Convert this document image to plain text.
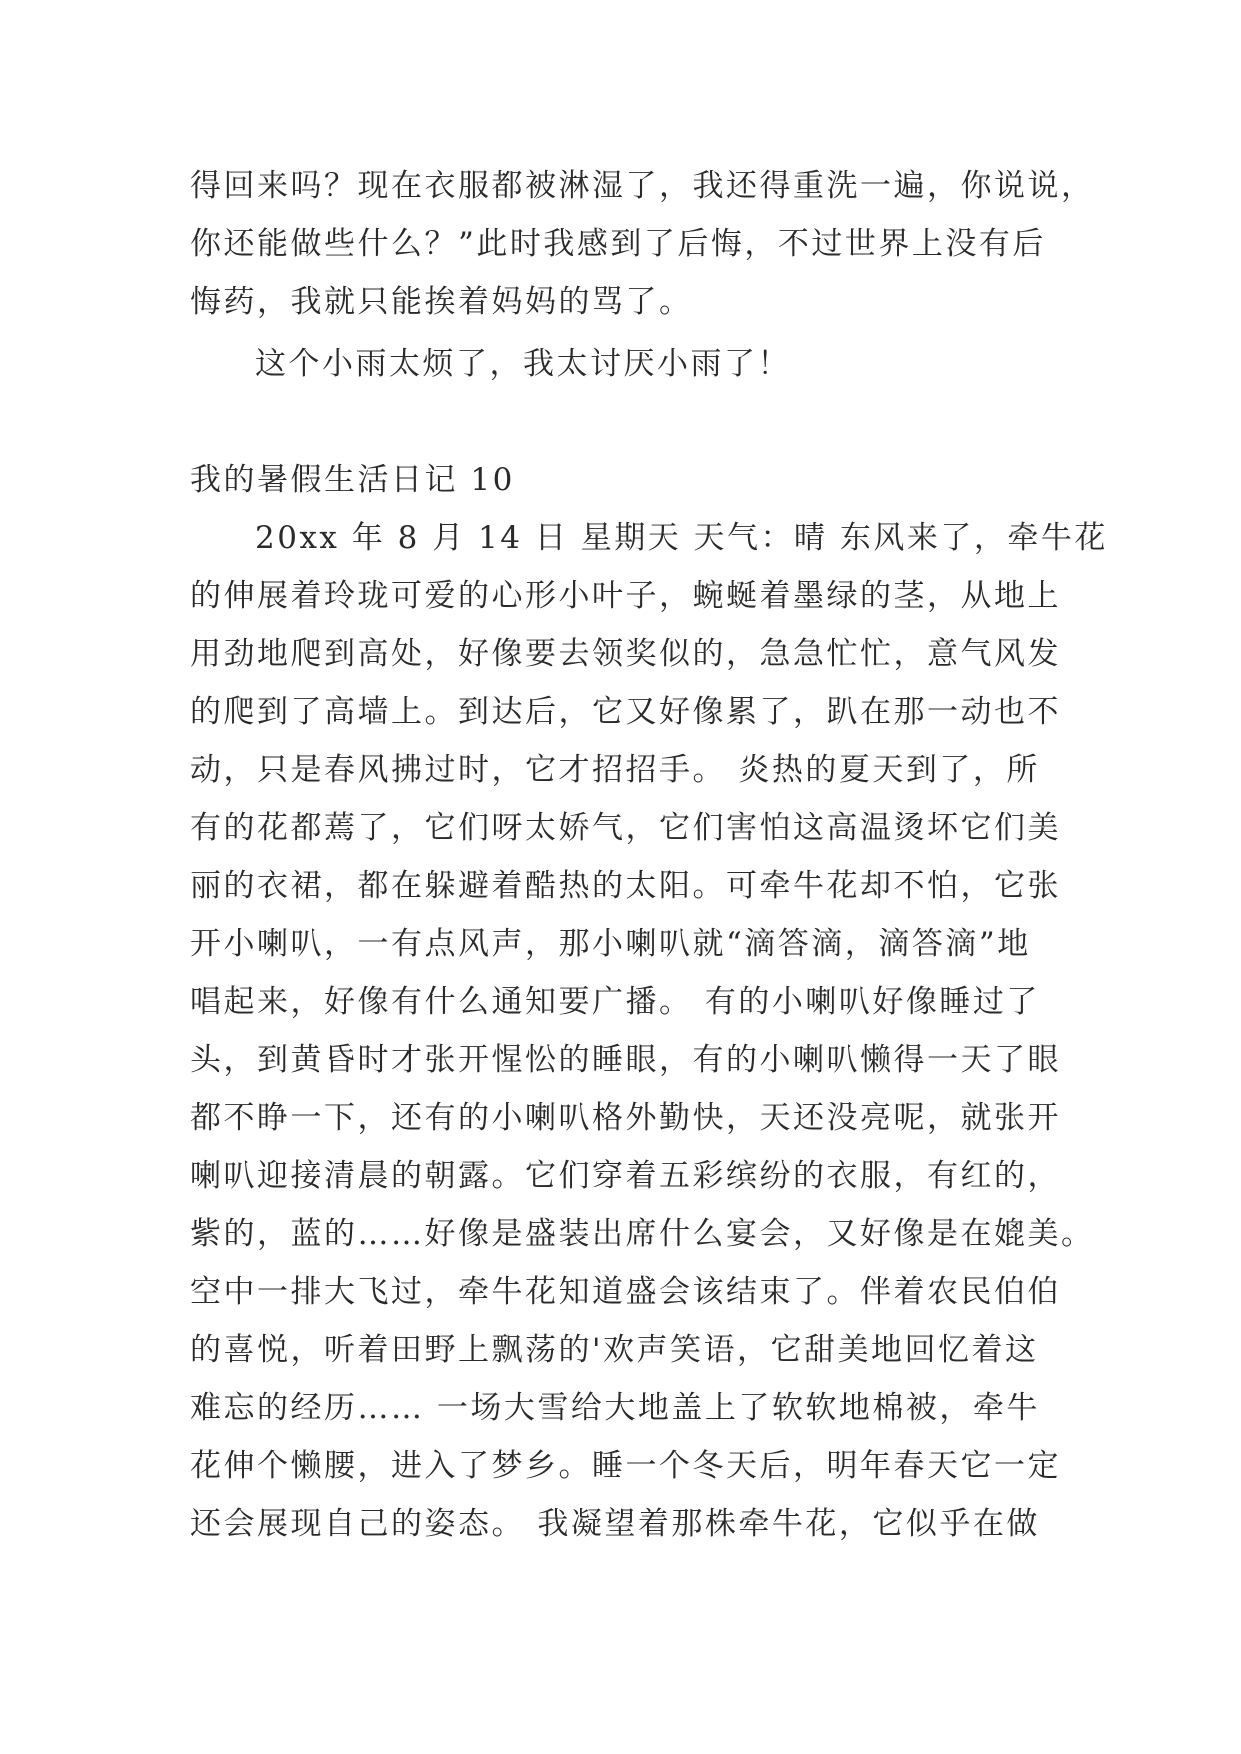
得回来吗？现在衣服都被淋湿了，我还得重洗一遍，你说说，
你还能做些什么？”此时我感到了后悔，不过世界上没有后
悔药，我就只能挨着妈妈的骂了。
这个小雨太烦了，我太讨厌小雨了！
我的暑假生活日记 10
20xx 年 8 月 14 日 星期天 天气：晴 东风来了，牵牛花
的伸展着玲珑可爱的心形小叶子，蜿蜒着墨绿的茎，从地上
用劲地爬到高处，好像要去领奖似的，急急忙忙，意气风发
的爬到了高墙上。到达后，它又好像累了，趴在那一动也不
动，只是春风拂过时，它才招招手。 炎热的夏天到了，所
有的花都蔫了，它们呀太娇气，它们害怕这高温烫坏它们美
丽的衣裙，都在躲避着酷热的太阳。可牵牛花却不怕，它张
开小喇叭，一有点风声，那小喇叭就“滴答滴，滴答滴”地
唱起来，好像有什么通知要广播。 有的小喇叭好像睡过了
头，到黄昏时才张开惺忪的睡眼，有的小喇叭懒得一天了眼
都不睁一下，还有的小喇叭格外勤快，天还没亮呢，就张开
喇叭迎接清晨的朝露。它们穿着五彩缤纷的衣服，有红的，
紫的，蓝的……好像是盛装出席什么宴会，又好像是在媲美。
空中一排大飞过，牵牛花知道盛会该结束了。伴着农民伯伯
的喜悦，听着田野上飘荡的'欢声笑语，它甜美地回忆着这
难忘的经历…… 一场大雪给大地盖上了软软地棉被，牵牛
花伸个懒腰，进入了梦乡。睡一个冬天后，明年春天它一定
还会展现自己的姿态。 我凝望着那株牵牛花，它似乎在做
